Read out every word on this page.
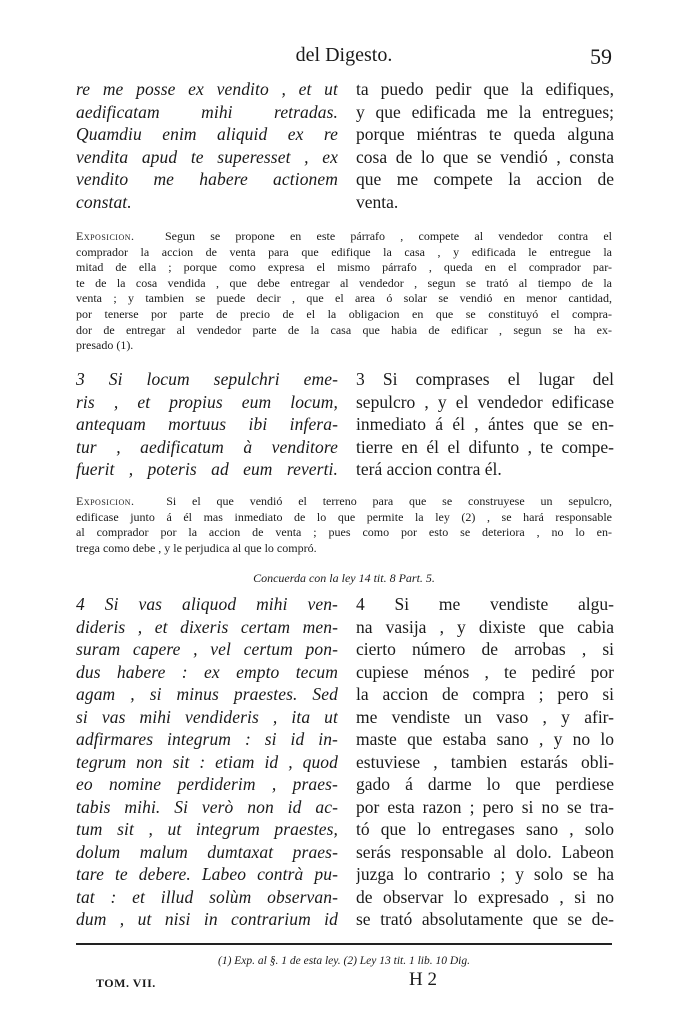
del Digesto.	59
re me posse ex vendito , et ut
aedificatam mihi retradas.
Quamdiu enim aliquid ex re
vendita apud te superesset , ex
vendito me habere actionem
constat.
ta puedo pedir que la edifiques,
y que edificada me la entregues;
porque miéntras te queda alguna
cosa de lo que se vendió , consta
que me compete la accion de
venta.
Exposicion.	Segun se propone en este párrafo , compete al vendedor contra el
comprador la accion de venta para que edifique la casa , y edificada le entregue la
mitad de ella ; porque como expresa el mismo párrafo , queda en el comprador par-
te de la cosa vendida , que debe entregar al vendedor , segun se trató al tiempo de la
venta ; y tambien se puede decir , que el area ó solar se vendió en menor cantidad,
por tenerse por parte de precio de el la obligacion en que se constituyó el compra-
dor de entregar al vendedor parte de la casa que habia de edificar , segun se ha ex-
presado (1).
3 Si locum sepulchri eme-
ris , et propius eum locum,
antequam mortuus ibi infera-
tur , aedificatum à venditore
fuerit , poteris ad eum reverti.
3 Si comprases el lugar del
sepulcro , y el vendedor edificase
inmediato á él , ántes que se en-
tierre en él el difunto , te compe-
terá accion contra él.
Exposicion.	Si el que vendió el terreno para que se construyese un sepulcro,
edificase junto á él mas inmediato de lo que permite la ley (2) , se hará responsable
al comprador por la accion de venta ; pues como por esto se deteriora , no lo en-
trega como debe , y le perjudica al que lo compró.
Concuerda con la ley 14 tit. 8 Part. 5.
4 Si vas aliquod mihi ven-
dideris , et dixeris certam men-
suram capere , vel certum pon-
dus habere : ex empto tecum
agam , si minus praestes. Sed
si vas mihi vendideris , ita ut
adfirmares integrum : si id in-
tegrum non sit : etiam id , quod
eo nomine perdiderim , praes-
tabis mihi. Si verò non id ac-
tum sit , ut integrum praestes,
dolum malum dumtaxat praes-
tare te debere. Labeo contrà pu-
tat : et illud solùm observan-
dum , ut nisi in contrarium id
4 Si me vendiste algu-
na vasija , y dixiste que cabia
cierto número de arrobas , si
cupiese ménos , te pediré por
la accion de compra ; pero si
me vendiste un vaso , y afir-
maste que estaba sano , y no lo
estuviese , tambien estarás obli-
gado á darme lo que perdiese
por esta razon ; pero si no se tra-
tó que lo entregases sano , solo
serás responsable al dolo. Labeon
juzga lo contrario ; y solo se ha
de observar lo expresado , si no
se trató absolutamente que se de-
(1) Exp. al §. 1 de esta ley. (2) Ley 13 tit. 1 lib. 10 Dig.
TOM. VII.	H 2
